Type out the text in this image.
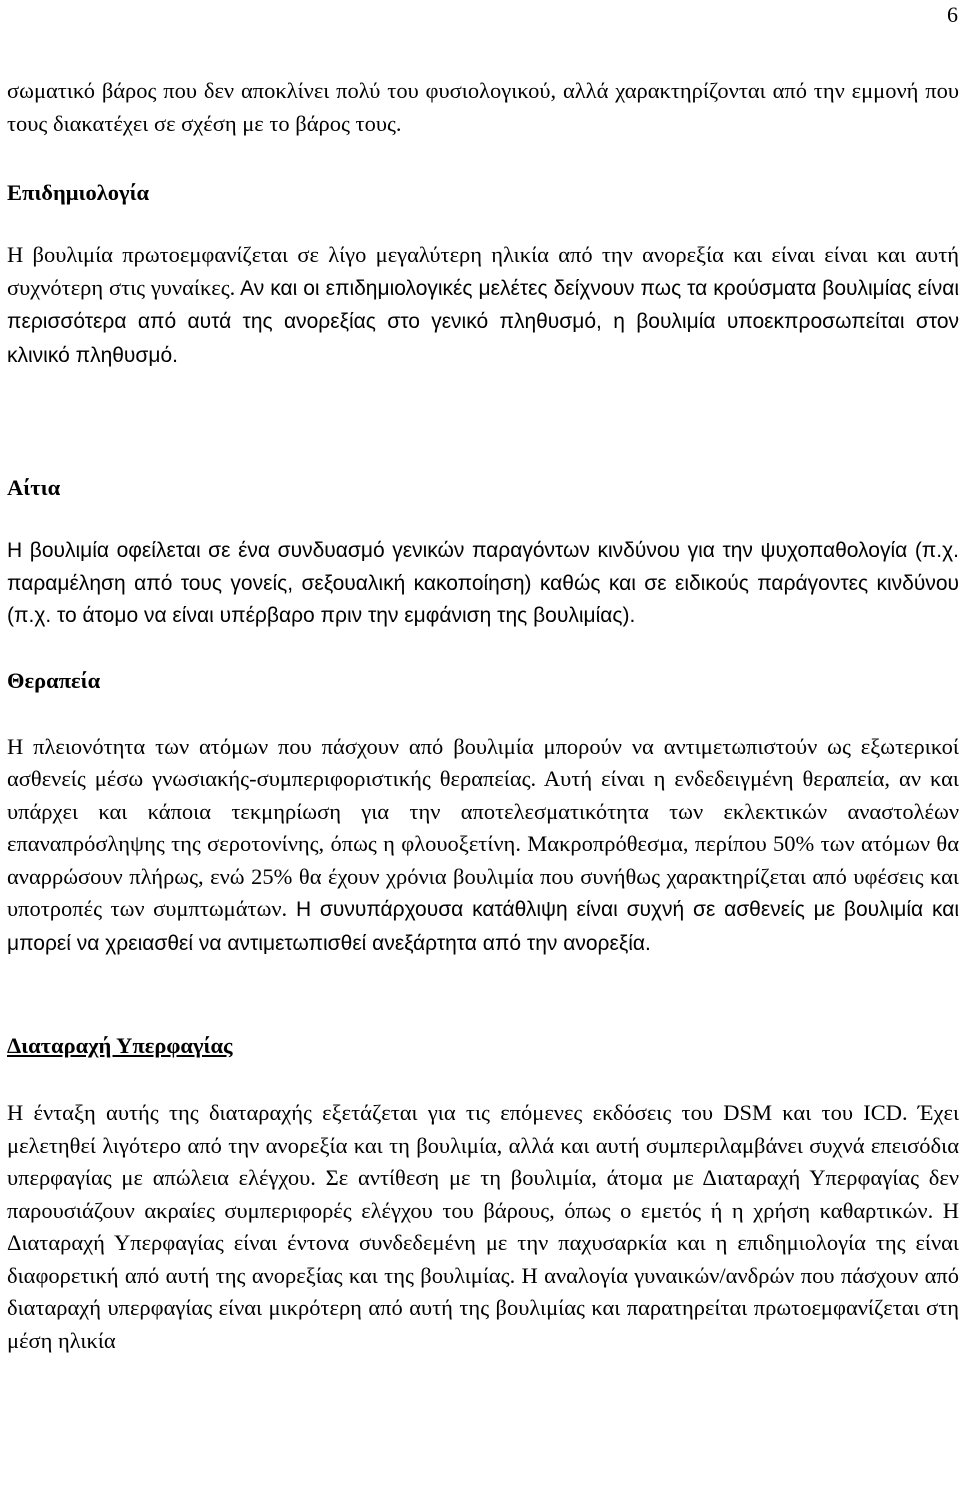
6

σωματικό βάρος που δεν αποκλίνει πολύ του φυσιολογικού, αλλά χαρακτηρίζονται από την εμμονή που τους διακατέχει σε σχέση με το βάρος τους.

Επιδημιολογία

Η βουλιμία πρωτοεμφανίζεται σε λίγο μεγαλύτερη ηλικία από την ανορεξία και είναι είναι και αυτή συχνότερη στις γυναίκες. Αν και οι επιδημιολογικές μελέτες δείχνουν πως τα κρούσματα βουλιμίας είναι περισσότερα από αυτά της ανορεξίας στο γενικό πληθυσμό, η βουλιμία υποεκπροσωπείται στον κλινικό πληθυσμό.

Αίτια

Η βουλιμία οφείλεται σε ένα συνδυασμό γενικών παραγόντων κινδύνου για την ψυχοπαθολογία (π.χ. παραμέληση από τους γονείς, σεξουαλική κακοποίηση) καθώς και σε ειδικούς παράγοντες κινδύνου (π.χ. το άτομο να είναι υπέρβαρο πριν την εμφάνιση της βουλιμίας).

Θεραπεία

Η πλειονότητα των ατόμων που πάσχουν από βουλιμία μπορούν να αντιμετωπιστούν ως εξωτερικοί ασθενείς μέσω γνωσιακής-συμπεριφοριστικής θεραπείας. Αυτή είναι η ενδεδειγμένη θεραπεία, αν και υπάρχει και κάποια τεκμηρίωση για την αποτελεσματικότητα των εκλεκτικών αναστολέων επαναπρόσληψης της σεροτονίνης, όπως η φλουοξετίνη. Μακροπρόθεσμα, περίπου 50% των ατόμων θα αναρρώσουν πλήρως, ενώ 25% θα έχουν χρόνια βουλιμία που συνήθως χαρακτηρίζεται από υφέσεις και υποτροπές των συμπτωμάτων. Η συνυπάρχουσα κατάθλιψη είναι συχνή σε ασθενείς με βουλιμία και μπορεί να χρειασθεί να αντιμετωπισθεί ανεξάρτητα από την ανορεξία.

Διαταραχή Υπερφαγίας

Η ένταξη αυτής της διαταραχής εξετάζεται για τις επόμενες εκδόσεις του DSM και του ICD. Έχει μελετηθεί λιγότερο από την ανορεξία και τη βουλιμία, αλλά και αυτή συμπεριλαμβάνει συχνά επεισόδια υπερφαγίας με απώλεια ελέγχου. Σε αντίθεση με τη βουλιμία, άτομα με Διαταραχή Υπερφαγίας δεν παρουσιάζουν ακραίες συμπεριφορές ελέγχου του βάρους, όπως ο εμετός ή η χρήση καθαρτικών. Η Διαταραχή Υπερφαγίας είναι έντονα συνδεδεμένη με την παχυσαρκία και η επιδημιολογία της είναι διαφορετική από αυτή της ανορεξίας και της βουλιμίας. Η αναλογία γυναικών/ανδρών που πάσχουν από διαταραχή υπερφαγίας είναι μικρότερη από αυτή της βουλιμίας και παρατηρείται πρωτοεμφανίζεται στη μέση ηλικία
